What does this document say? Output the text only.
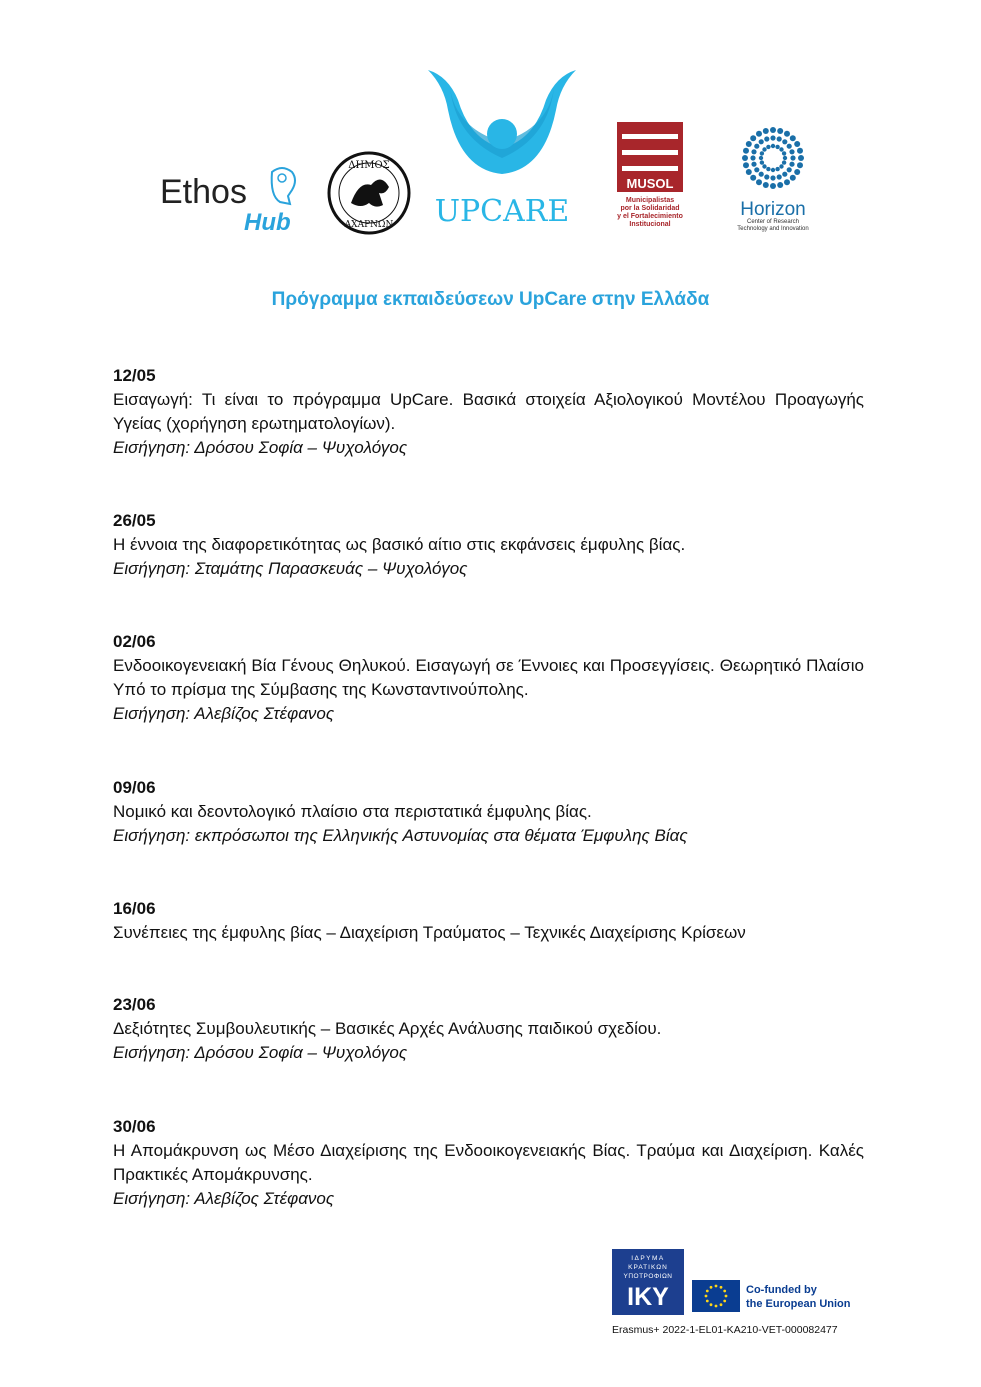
Ethos
Hub
ΔΗΜΟΣ
ΑΧΑΡΝΩΝ UPCARE
MUSOL
Municipalistas
por la Solidaridad
y el Fortalecimiento
Institucional
Horizon
Center of Research
Technology and Innovation
Πρόγραμμα εκπαιδεύσεων UpCare στην Ελλάδα
12/05
Εισαγωγή: Τι είναι το πρόγραμμα UpCare. Βασικά στοιχεία Αξιολογικού Μοντέλου Προαγωγής Υγείας (χορήγηση ερωτηματολογίων).
Εισήγηση: Δρόσου Σοφία – Ψυχολόγος
26/05
Η έννοια της διαφορετικότητας ως βασικό αίτιο στις εκφάνσεις έμφυλης βίας.
Εισήγηση: Σταμάτης Παρασκευάς – Ψυχολόγος
02/06
Ενδοοικογενειακή Βία Γένους Θηλυκού. Εισαγωγή σε Έννοιες και Προσεγγίσεις. Θεωρητικό Πλαίσιο Υπό το πρίσμα της Σύμβασης της Κωνσταντινούπολης.
Εισήγηση: Αλεβίζος Στέφανος
09/06
Νομικό και δεοντολογικό πλαίσιο στα περιστατικά έμφυλης βίας.
Εισήγηση: εκπρόσωποι της Ελληνικής Αστυνομίας στα θέματα Έμφυλης Βίας
16/06
Συνέπειες της έμφυλης βίας – Διαχείριση Τραύματος – Τεχνικές Διαχείρισης Κρίσεων
23/06
Δεξιότητες Συμβουλευτικής – Βασικές Αρχές Ανάλυσης παιδικού σχεδίου.
Εισήγηση: Δρόσου Σοφία – Ψυχολόγος
30/06
Η Απομάκρυνση ως Μέσο Διαχείρισης της Ενδοοικογενειακής Βίας. Τραύμα και Διαχείριση. Καλές Πρακτικές Απομάκρυνσης.
Εισήγηση: Αλεβίζος Στέφανος
ΙΔΡΥΜΑ
ΚΡΑΤΙΚΩΝ
ΥΠΟΤΡΟΦΙΩΝ
IKY	Co-funded by
the European Union
Erasmus+ 2022-1-EL01-KA210-VET-000082477
